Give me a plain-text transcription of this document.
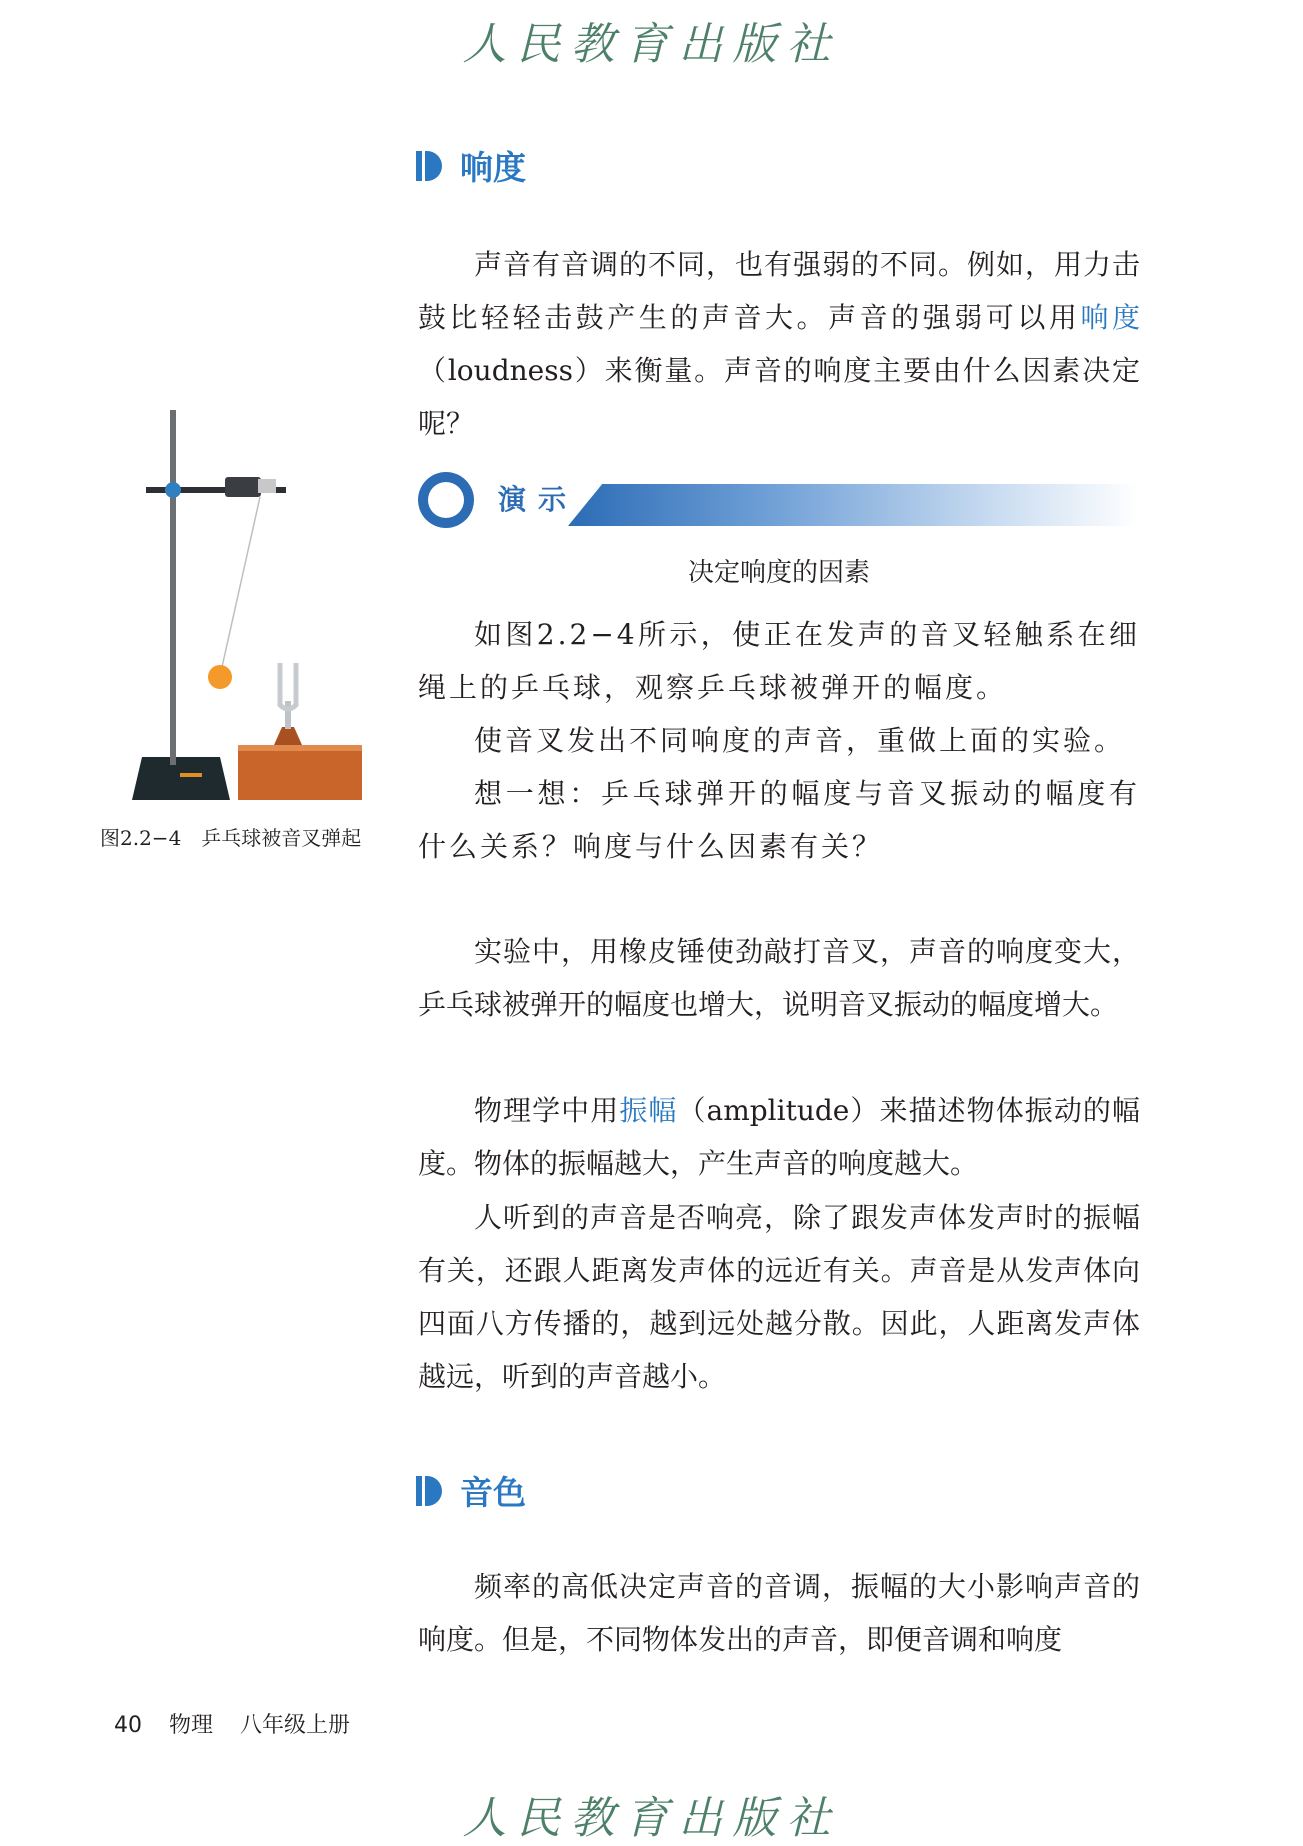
人民教育出版社
响度

声音有音调的不同，也有强弱的不同。例如，用力击鼓比轻轻击鼓产生的声音大。声音的强弱可以用响度（loudness）来衡量。声音的响度主要由什么因素决定呢？

图2.2−4　乒乓球被音叉弹起
演示
决定响度的因素

如图2.2−4所示，使正在发声的音叉轻触系在细绳上的乒乓球，观察乒乓球被弹开的幅度。

使音叉发出不同响度的声音，重做上面的实验。

想一想：乒乓球弹开的幅度与音叉振动的幅度有什么关系？响度与什么因素有关？

实验中，用橡皮锤使劲敲打音叉，声音的响度变大，乒乓球被弹开的幅度也增大，说明音叉振动的幅度增大。

物理学中用振幅（amplitude）来描述物体振动的幅度。物体的振幅越大，产生声音的响度越大。

人听到的声音是否响亮，除了跟发声体发声时的振幅有关，还跟人距离发声体的远近有关。声音是从发声体向四面八方传播的，越到远处越分散。因此，人距离发声体越远，听到的声音越小。

音色

频率的高低决定声音的音调，振幅的大小影响声音的响度。但是，不同物体发出的声音，即便音调和响度

40 物理 八年级上册
人民教育出版社
